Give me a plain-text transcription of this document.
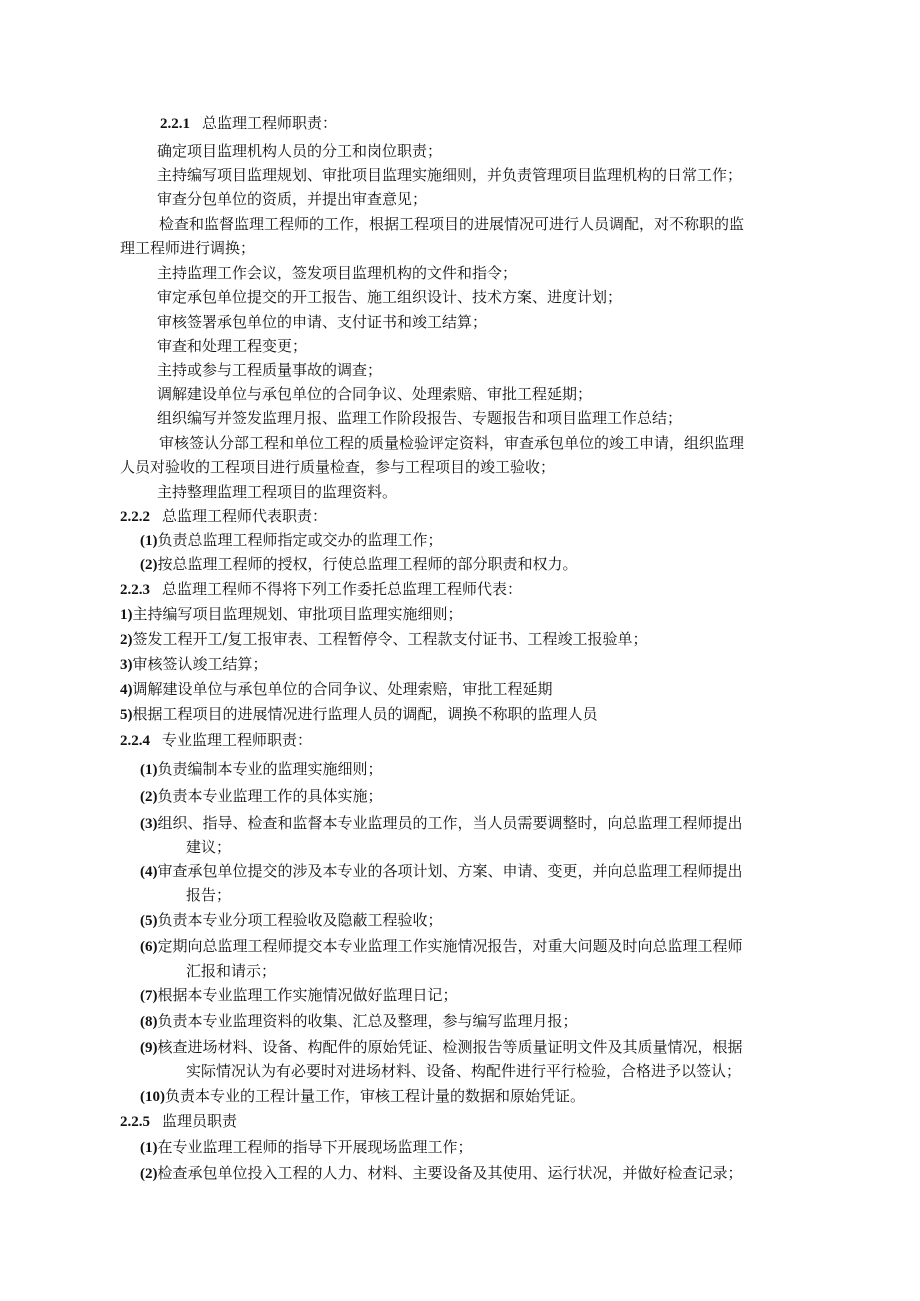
2.2.1 总监理工程师职责：
确定项目监理机构人员的分工和岗位职责；
主持编写项目监理规划、审批项目监理实施细则，并负责管理项目监理机构的日常工作；
审查分包单位的资质，并提出审查意见；
检查和监督监理工程师的工作，根据工程项目的进展情况可进行人员调配，对不称职的监
理工程师进行调换；
主持监理工作会议，签发项目监理机构的文件和指令；
审定承包单位提交的开工报告、施工组织设计、技术方案、进度计划；
审核签署承包单位的申请、支付证书和竣工结算；
审查和处理工程变更；
主持或参与工程质量事故的调查；
调解建设单位与承包单位的合同争议、处理索赔、审批工程延期；
组织编写并签发监理月报、监理工作阶段报告、专题报告和项目监理工作总结；
审核签认分部工程和单位工程的质量检验评定资料，审查承包单位的竣工申请，组织监理
人员对验收的工程项目进行质量检查，参与工程项目的竣工验收；
主持整理监理工程项目的监理资料。
2.2.2 总监理工程师代表职责：
(1)负责总监理工程师指定或交办的监理工作；
(2)按总监理工程师的授权，行使总监理工程师的部分职责和权力。
2.2.3 总监理工程师不得将下列工作委托总监理工程师代表：
1)主持编写项目监理规划、审批项目监理实施细则；
2)签发工程开工/复工报审表、工程暂停令、工程款支付证书、工程竣工报验单；
3)审核签认竣工结算；
4)调解建设单位与承包单位的合同争议、处理索赔，审批工程延期
5)根据工程项目的进展情况进行监理人员的调配，调换不称职的监理人员
2.2.4 专业监理工程师职责：
(1)负责编制本专业的监理实施细则；
(2)负责本专业监理工作的具体实施；
(3)组织、指导、检查和监督本专业监理员的工作，当人员需要调整时，向总监理工程师提出
建议；
(4)审查承包单位提交的涉及本专业的各项计划、方案、申请、变更，并向总监理工程师提出
报告；
(5)负责本专业分项工程验收及隐蔽工程验收；
(6)定期向总监理工程师提交本专业监理工作实施情况报告，对重大问题及时向总监理工程师
汇报和请示；
(7)根据本专业监理工作实施情况做好监理日记；
(8)负责本专业监理资料的收集、汇总及整理，参与编写监理月报；
(9)核查进场材料、设备、构配件的原始凭证、检测报告等质量证明文件及其质量情况，根据
实际情况认为有必要时对进场材料、设备、构配件进行平行检验，合格进予以签认；
(10)负责本专业的工程计量工作，审核工程计量的数据和原始凭证。
2.2.5 监理员职责
(1)在专业监理工程师的指导下开展现场监理工作；
(2)检查承包单位投入工程的人力、材料、主要设备及其使用、运行状况，并做好检查记录；
